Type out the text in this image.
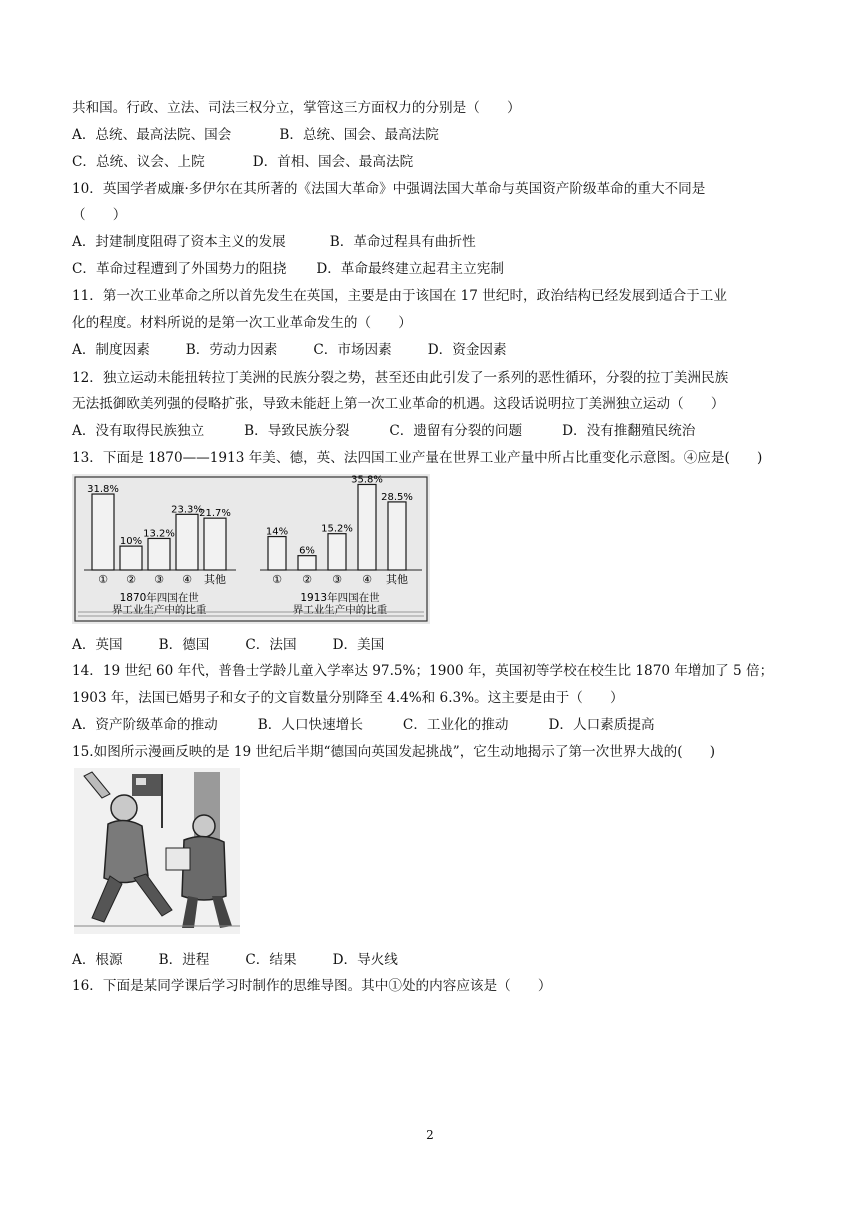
共和国。行政、立法、司法三权分立，掌管这三方面权力的分别是（　　）
A．总统、最高法院、国会	B．总统、国会、最高法院
C．总统、议会、上院	D．首相、国会、最高法院
10．英国学者威廉·多伊尔在其所著的《法国大革命》中强调法国大革命与英国资产阶级革命的重大不同是
（　　）
A．封建制度阻碍了资本主义的发展	B．革命过程具有曲折性
C．革命过程遭到了外国势力的阻挠 D．革命最终建立起君主立宪制
11．第一次工业革命之所以首先发生在英国，主要是由于该国在 17 世纪时，政治结构已经发展到适合于工业
化的程度。材料所说的是第一次工业革命发生的（　　）
A．制度因素	B．劳动力因素	C．市场因素	D．资金因素
12．独立运动未能扭转拉丁美洲的民族分裂之势，甚至还由此引发了一系列的恶性循环，分裂的拉丁美洲民族
无法抵御欧美列强的侵略扩张，导致未能赶上第一次工业革命的机遇。这段话说明拉丁美洲独立运动（　　）
A．没有取得民族独立	B．导致民族分裂	C．遗留有分裂的问题	D．没有推翻殖民统治
13．下面是 1870——1913 年美、德，英、法四国工业产量在世界工业产量中所占比重变化示意图。④应是(　　)
31.8%
①
10%
②
13.2%
③
23.3%
④
21.7%
其他
1870年四国在世
界工业生产中的比重
14%
①
6%
②
15.2%
③
35.8%
④
28.5%
其他
1913年四国在世
界工业生产中的比重
A．英国	B．德国	C．法国	D．美国
14．19 世纪 60 年代，普鲁士学龄儿童入学率达 97.5%；1900 年，英国初等学校在校生比 1870 年增加了 5 倍；
1903 年，法国已婚男子和女子的文盲数量分别降至 4.4%和 6.3%。这主要是由于（　　）
A．资产阶级革命的推动	B．人口快速增长	C．工业化的推动	D．人口素质提高
15.如图所示漫画反映的是 19 世纪后半期“德国向英国发起挑战”，它生动地揭示了第一次世界大战的(　　)
A．根源	B．进程	C．结果	D．导火线
16．下面是某同学课后学习时制作的思维导图。其中①处的内容应该是（　　）
2
